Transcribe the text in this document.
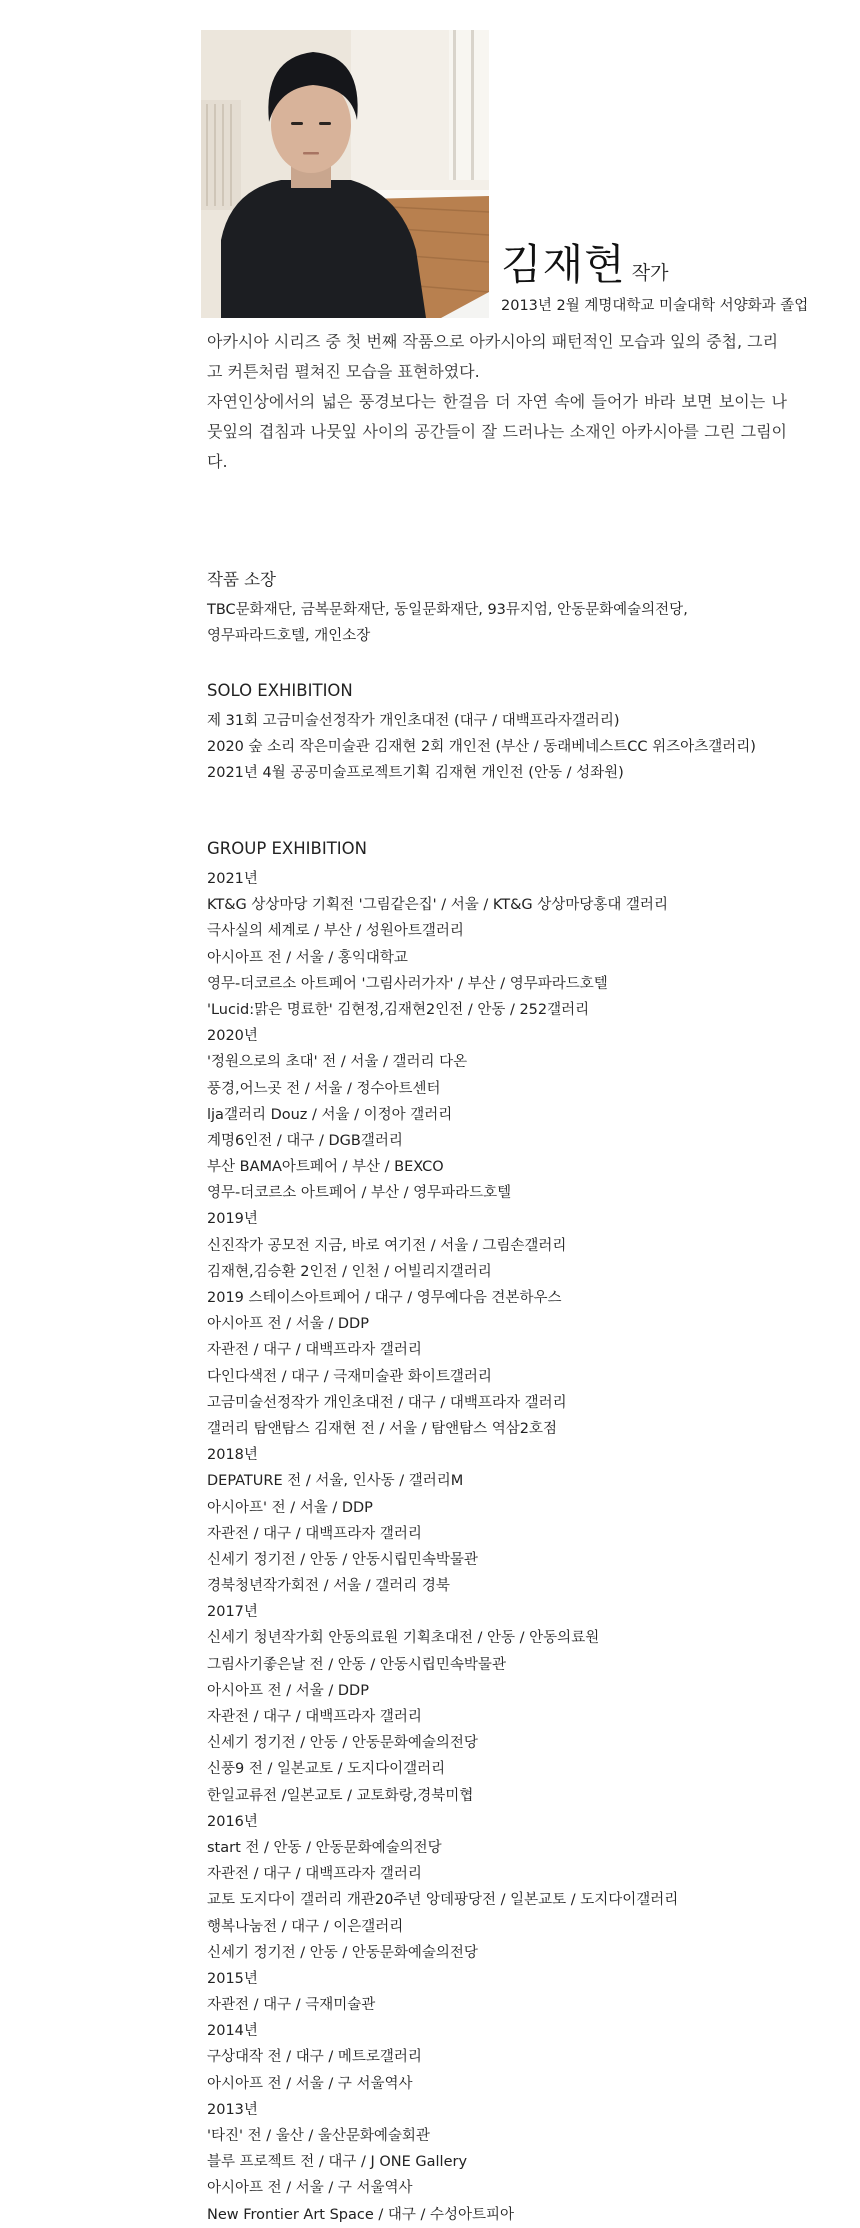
김재현 작가
2013년 2월 계명대학교 미술대학 서양화과 졸업

아카시아 시리즈 중 첫 번째 작품으로 아카시아의 패턴적인 모습과 잎의 중첩, 그리고 커튼처럼 펼쳐진 모습을 표현하였다.

자연인상에서의 넓은 풍경보다는 한걸음 더 자연 속에 들어가 바라 보면 보이는 나뭇잎의 겹침과 나뭇잎 사이의 공간들이 잘 드러나는 소재인 아카시아를 그린 그림이다.

작품 소장
TBC문화재단, 금복문화재단, 동일문화재단, 93뮤지엄, 안동문화예술의전당,
영무파라드호텔, 개인소장
SOLO EXHIBITION
제 31회 고금미술선정작가 개인초대전 (대구 / 대백프라자갤러리)
2020 숲 소리 작은미술관 김재현 2회 개인전 (부산 / 동래베네스트CC 위즈아츠갤러리)
2021년 4월 공공미술프로젝트기획 김재현 개인전 (안동 / 성좌원)
GROUP EXHIBITION
2021년
KT&G 상상마당 기획전 '그림같은집' / 서울 / KT&G 상상마당홍대 갤러리
극사실의 세계로 / 부산 / 성원아트갤러리
아시아프 전 / 서울 / 홍익대학교
영무-더코르소 아트페어 '그림사러가자' / 부산 / 영무파라드호텔
'Lucid:맑은 명료한' 김현정,김재현2인전 / 안동 / 252갤러리
2020년
'정원으로의 초대' 전 / 서울 / 갤러리 다온
풍경,어느곳 전 / 서울 / 정수아트센터
lja갤러리 Douz / 서울 / 이정아 갤러리
계명6인전 / 대구 / DGB갤러리
부산 BAMA아트페어 / 부산 / BEXCO
영무-더코르소 아트페어 / 부산 / 영무파라드호텔
2019년
신진작가 공모전 지금, 바로 여기전 / 서울 / 그림손갤러리
김재현,김승환 2인전 / 인천 / 어빌리지갤러리
2019 스테이스아트페어 / 대구 / 영무예다음 견본하우스
아시아프 전 / 서울 / DDP
자관전 / 대구 / 대백프라자 갤러리
다인다색전 / 대구 / 극재미술관 화이트갤러리
고금미술선정작가 개인초대전 / 대구 / 대백프라자 갤러리
갤러리 탐앤탐스 김재현 전 / 서울 / 탐앤탐스 역삼2호점
2018년
DEPATURE 전 / 서울, 인사동 / 갤러리M
아시아프' 전 / 서울 / DDP
자관전 / 대구 / 대백프라자 갤러리
신세기 정기전 / 안동 / 안동시립민속박물관
경북청년작가회전 / 서울 / 갤러리 경북
2017년
신세기 청년작가회 안동의료원 기획초대전 / 안동 / 안동의료원
그림사기좋은날 전 / 안동 / 안동시립민속박물관
아시아프 전 / 서울 / DDP
자관전 / 대구 / 대백프라자 갤러리
신세기 정기전 / 안동 / 안동문화예술의전당
신풍9 전 / 일본교토 / 도지다이갤러리
한일교류전 /일본교토 / 교토화랑,경북미협
2016년
start 전 / 안동 / 안동문화예술의전당
자관전 / 대구 / 대백프라자 갤러리
교토 도지다이 갤러리 개관20주년 앙데팡당전 / 일본교토 / 도지다이갤러리
행복나눔전 / 대구 / 이은갤러리
신세기 정기전 / 안동 / 안동문화예술의전당
2015년
자관전 / 대구 / 극재미술관
2014년
구상대작 전 / 대구 / 메트로갤러리
아시아프 전 / 서울 / 구 서울역사
2013년
'타진' 전 / 울산 / 울산문화예술회관
블루 프로젝트 전 / 대구 / J ONE Gallery
아시아프 전 / 서울 / 구 서울역사
New Frontier Art Space / 대구 / 수성아트피아
